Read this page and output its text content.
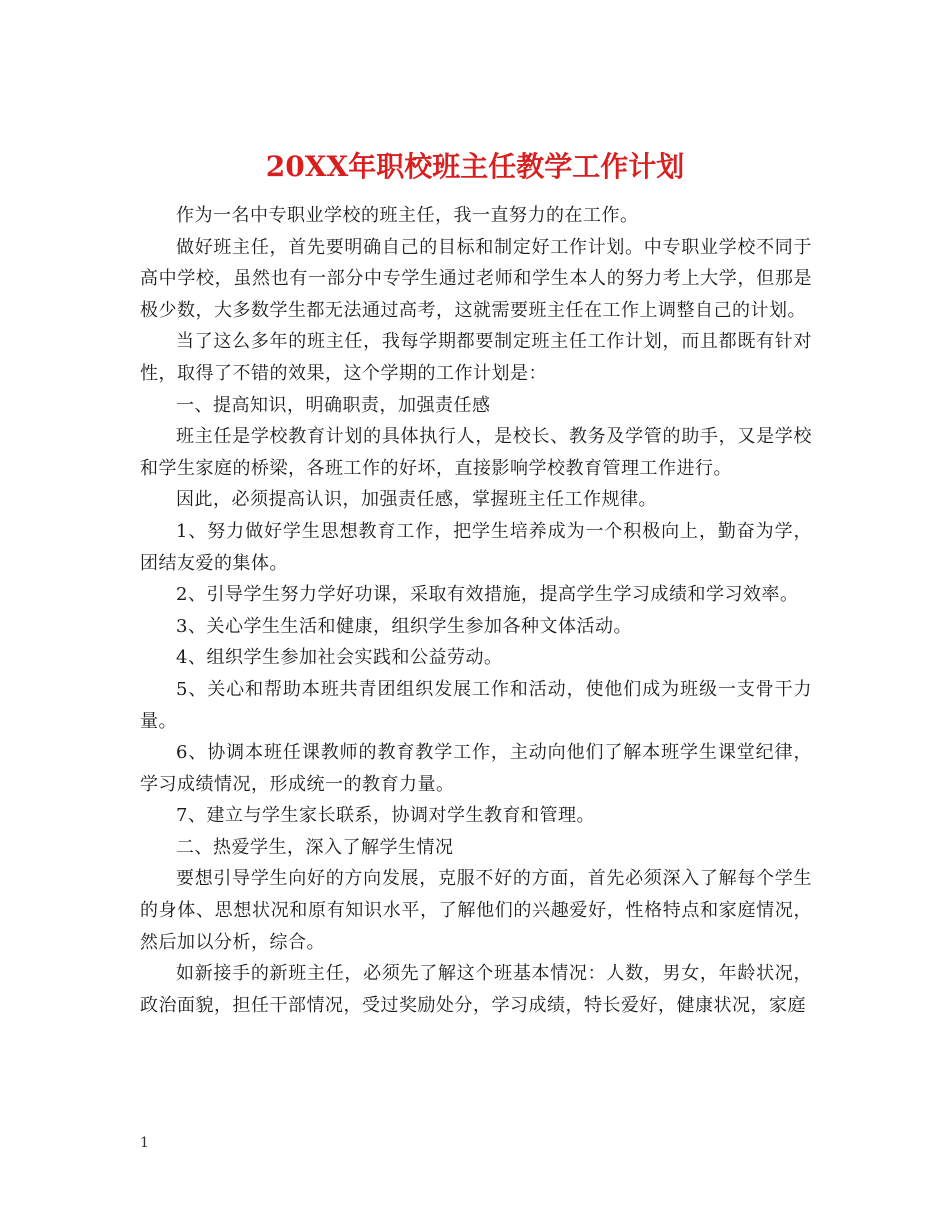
20XX年职校班主任教学工作计划

作为一名中专职业学校的班主任，我一直努力的在工作。

做好班主任，首先要明确自己的目标和制定好工作计划。中专职业学校不同于高中学校，虽然也有一部分中专学生通过老师和学生本人的努力考上大学，但那是极少数，大多数学生都无法通过高考，这就需要班主任在工作上调整自己的计划。

当了这么多年的班主任，我每学期都要制定班主任工作计划，而且都既有针对性，取得了不错的效果，这个学期的工作计划是：

一、提高知识，明确职责，加强责任感

班主任是学校教育计划的具体执行人，是校长、教务及学管的助手，又是学校和学生家庭的桥梁，各班工作的好坏，直接影响学校教育管理工作进行。

因此，必须提高认识，加强责任感，掌握班主任工作规律。

1、努力做好学生思想教育工作，把学生培养成为一个积极向上，勤奋为学，团结友爱的集体。

2、引导学生努力学好功课，采取有效措施，提高学生学习成绩和学习效率。

3、关心学生生活和健康，组织学生参加各种文体活动。

4、组织学生参加社会实践和公益劳动。

5、关心和帮助本班共青团组织发展工作和活动，使他们成为班级一支骨干力量。

6、协调本班任课教师的教育教学工作，主动向他们了解本班学生课堂纪律，学习成绩情况，形成统一的教育力量。

7、建立与学生家长联系，协调对学生教育和管理。

二、热爱学生，深入了解学生情况

要想引导学生向好的方向发展，克服不好的方面，首先必须深入了解每个学生的身体、思想状况和原有知识水平，了解他们的兴趣爱好，性格特点和家庭情况，然后加以分析，综合。

如新接手的新班主任，必须先了解这个班基本情况：人数，男女，年龄状况，政治面貌，担任干部情况，受过奖励处分，学习成绩，特长爱好，健康状况，家庭

1
